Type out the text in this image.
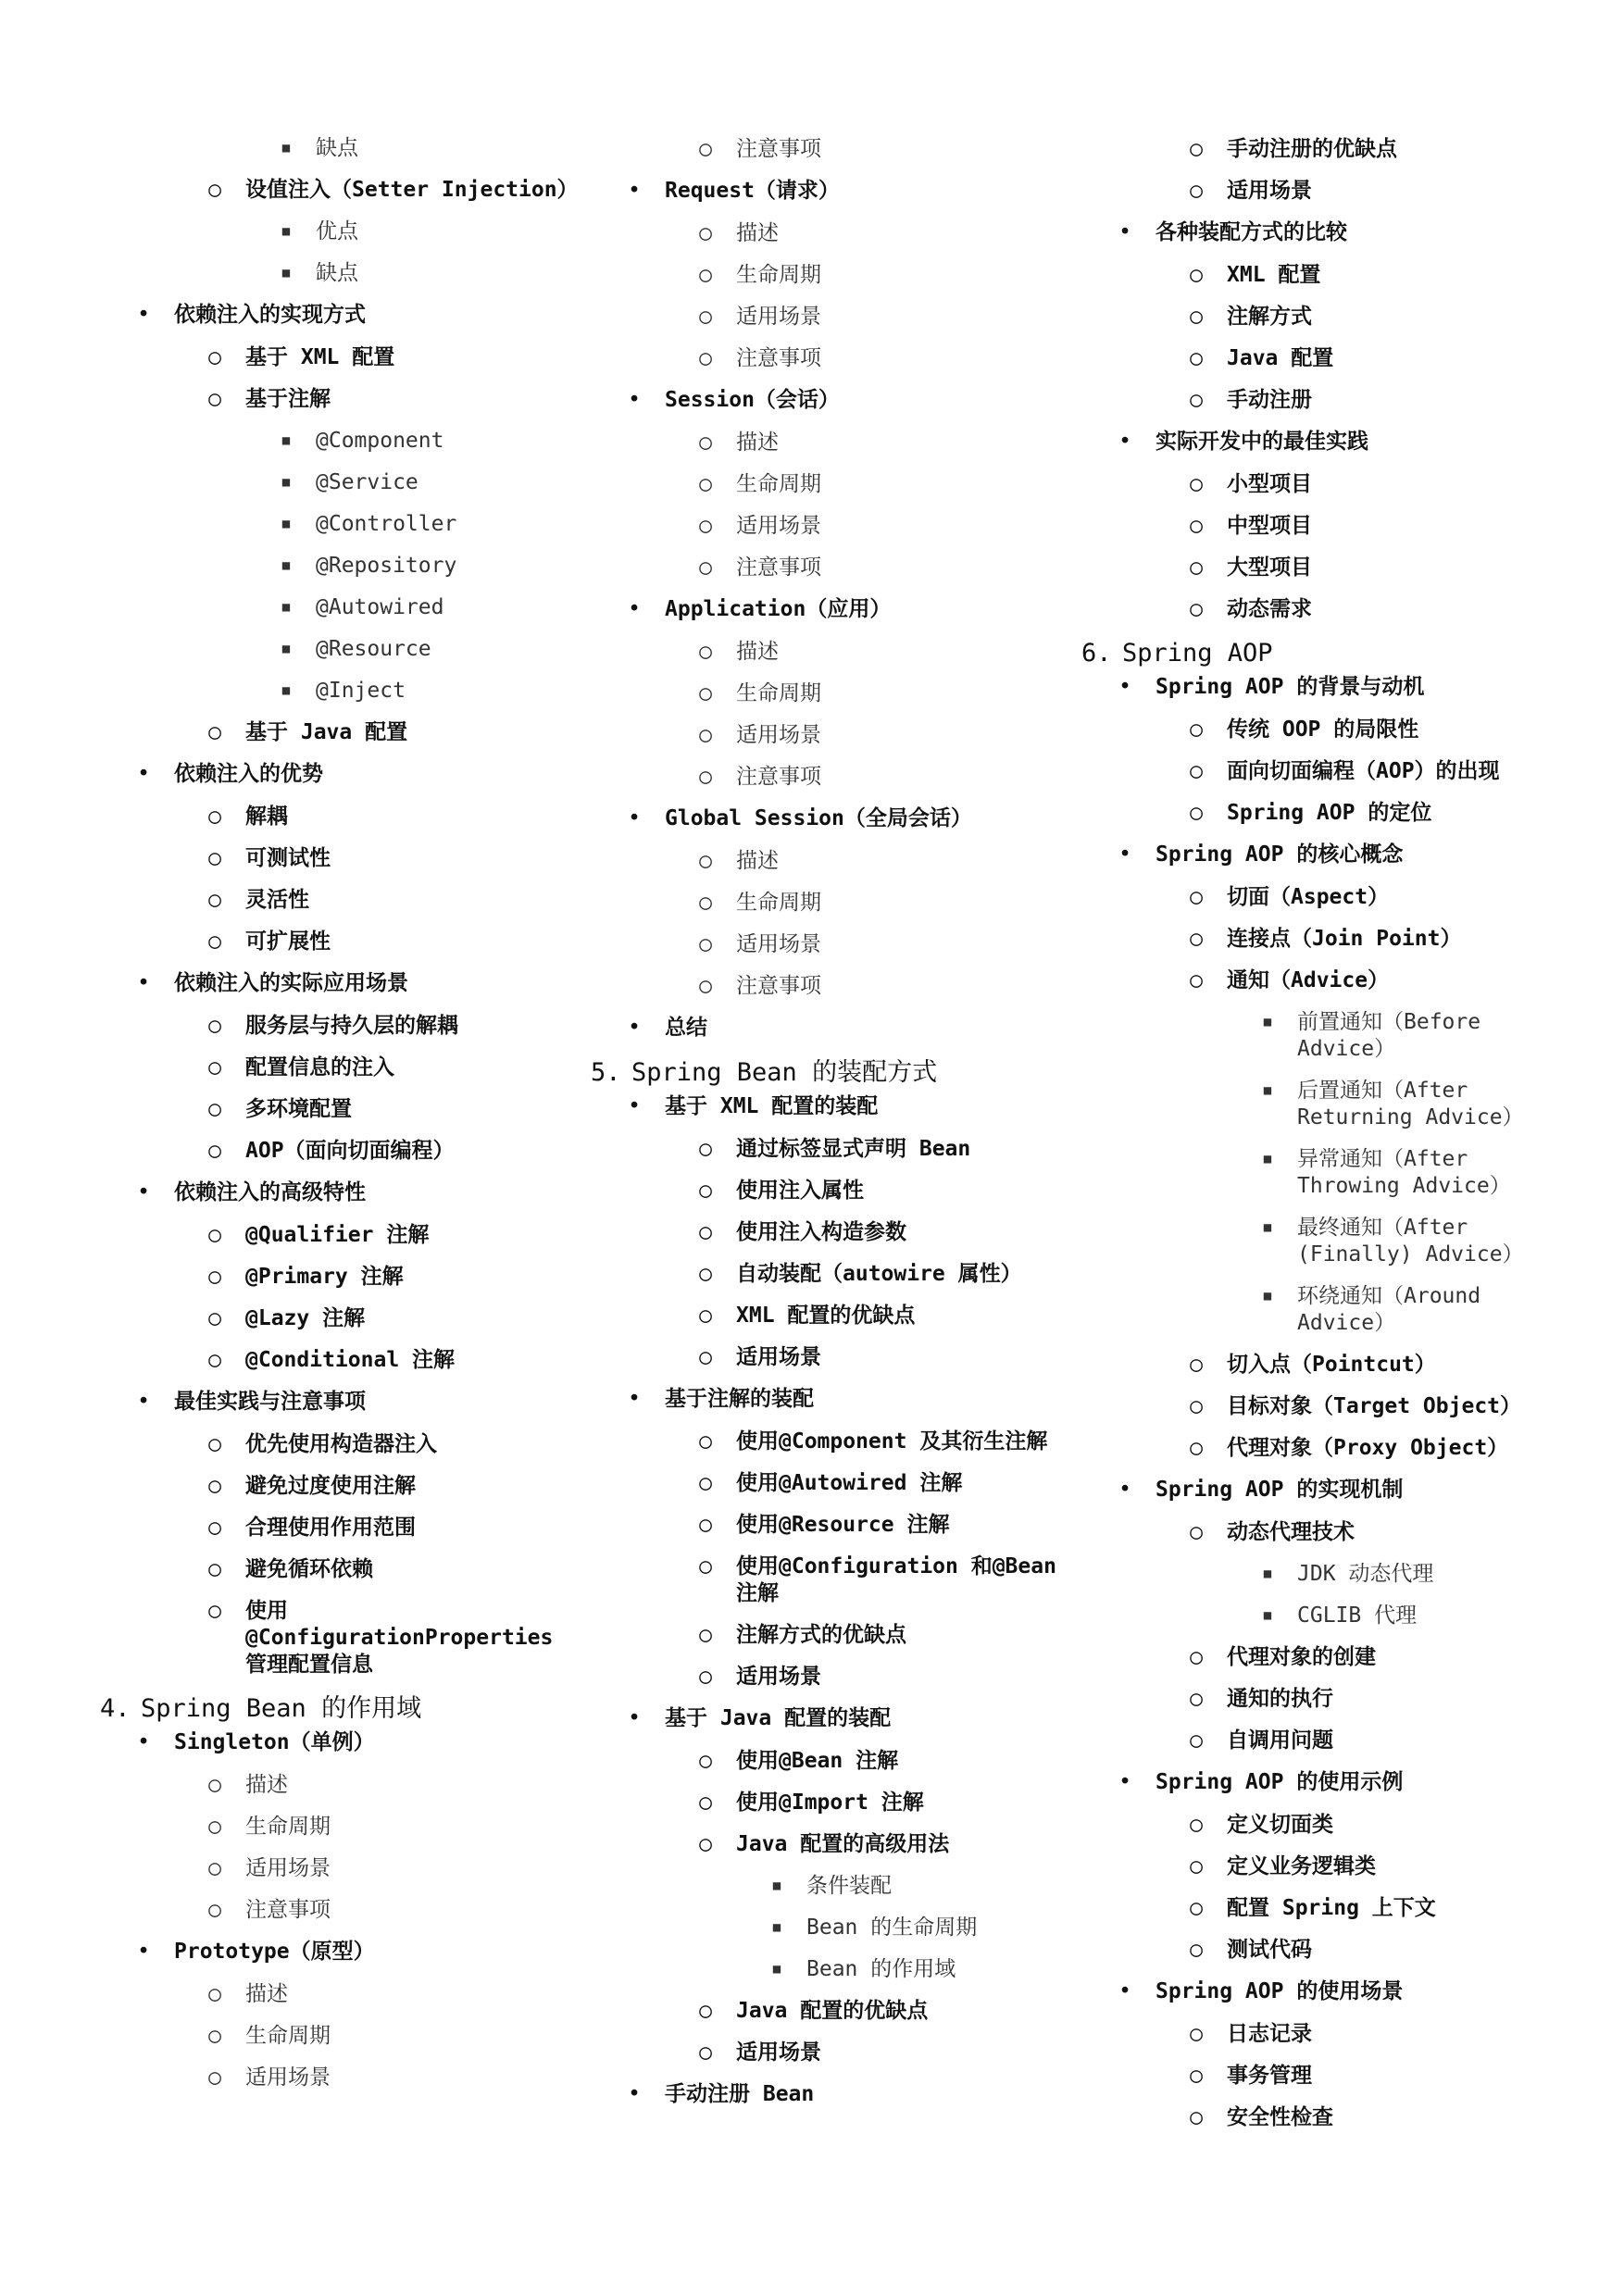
■	缺点
○	设值注入（Setter Injection）
■	优点
■	缺点
•	依赖注入的实现方式
○	基于 XML 配置
○	基于注解
■	@Component
■	@Service
■	@Controller
■	@Repository
■	@Autowired
■	@Resource
■	@Inject
○	基于 Java 配置
•	依赖注入的优势
○	解耦
○	可测试性
○	灵活性
○	可扩展性
•	依赖注入的实际应用场景
○	服务层与持久层的解耦
○	配置信息的注入
○	多环境配置
○	AOP（面向切面编程）
•	依赖注入的高级特性
○	@Qualifier 注解
○	@Primary 注解
○	@Lazy 注解
○	@Conditional 注解
•	最佳实践与注意事项
○	优先使用构造器注入
○	避免过度使用注解
○	合理使用作用范围
○	避免循环依赖
○	使用 @ConfigurationProperties 管理配置信息
4. Spring Bean 的作用域
•	Singleton（单例）
○	描述
○	生命周期
○	适用场景
○	注意事项
•	Prototype（原型）
○	描述
○	生命周期
○	适用场景
○	注意事项
•	Request（请求）
○	描述
○	生命周期
○	适用场景
○	注意事项
•	Session（会话）
○	描述
○	生命周期
○	适用场景
○	注意事项
•	Application（应用）
○	描述
○	生命周期
○	适用场景
○	注意事项
•	Global Session（全局会话）
○	描述
○	生命周期
○	适用场景
○	注意事项
•	总结
5. Spring Bean 的装配方式
•	基于 XML 配置的装配
○	通过标签显式声明 Bean
○	使用注入属性
○	使用注入构造参数
○	自动装配（autowire 属性）
○	XML 配置的优缺点
○	适用场景
•	基于注解的装配
○	使用@Component 及其衍生注解
○	使用@Autowired 注解
○	使用@Resource 注解
○	使用@Configuration 和@Bean 注解
○	注解方式的优缺点
○	适用场景
•	基于 Java 配置的装配
○	使用@Bean 注解
○	使用@Import 注解
○	Java 配置的高级用法
■	条件装配
■	Bean 的生命周期
■	Bean 的作用域
○	Java 配置的优缺点
○	适用场景
•	手动注册 Bean
○	手动注册的优缺点
○	适用场景
•	各种装配方式的比较
○	XML 配置
○	注解方式
○	Java 配置
○	手动注册
•	实际开发中的最佳实践
○	小型项目
○	中型项目
○	大型项目
○	动态需求
6. Spring AOP
•	Spring AOP 的背景与动机
○	传统 OOP 的局限性
○	面向切面编程（AOP）的出现
○	Spring AOP 的定位
•	Spring AOP 的核心概念
○	切面（Aspect）
○	连接点（Join Point）
○	通知（Advice）
■	前置通知（Before Advice）
■	后置通知（After Returning Advice）
■	异常通知（After Throwing Advice）
■	最终通知（After (Finally) Advice）
■	环绕通知（Around Advice）
○	切入点（Pointcut）
○	目标对象（Target Object）
○	代理对象（Proxy Object）
•	Spring AOP 的实现机制
○	动态代理技术
■	JDK 动态代理
■	CGLIB 代理
○	代理对象的创建
○	通知的执行
○	自调用问题
•	Spring AOP 的使用示例
○	定义切面类
○	定义业务逻辑类
○	配置 Spring 上下文
○	测试代码
•	Spring AOP 的使用场景
○	日志记录
○	事务管理
○	安全性检查
